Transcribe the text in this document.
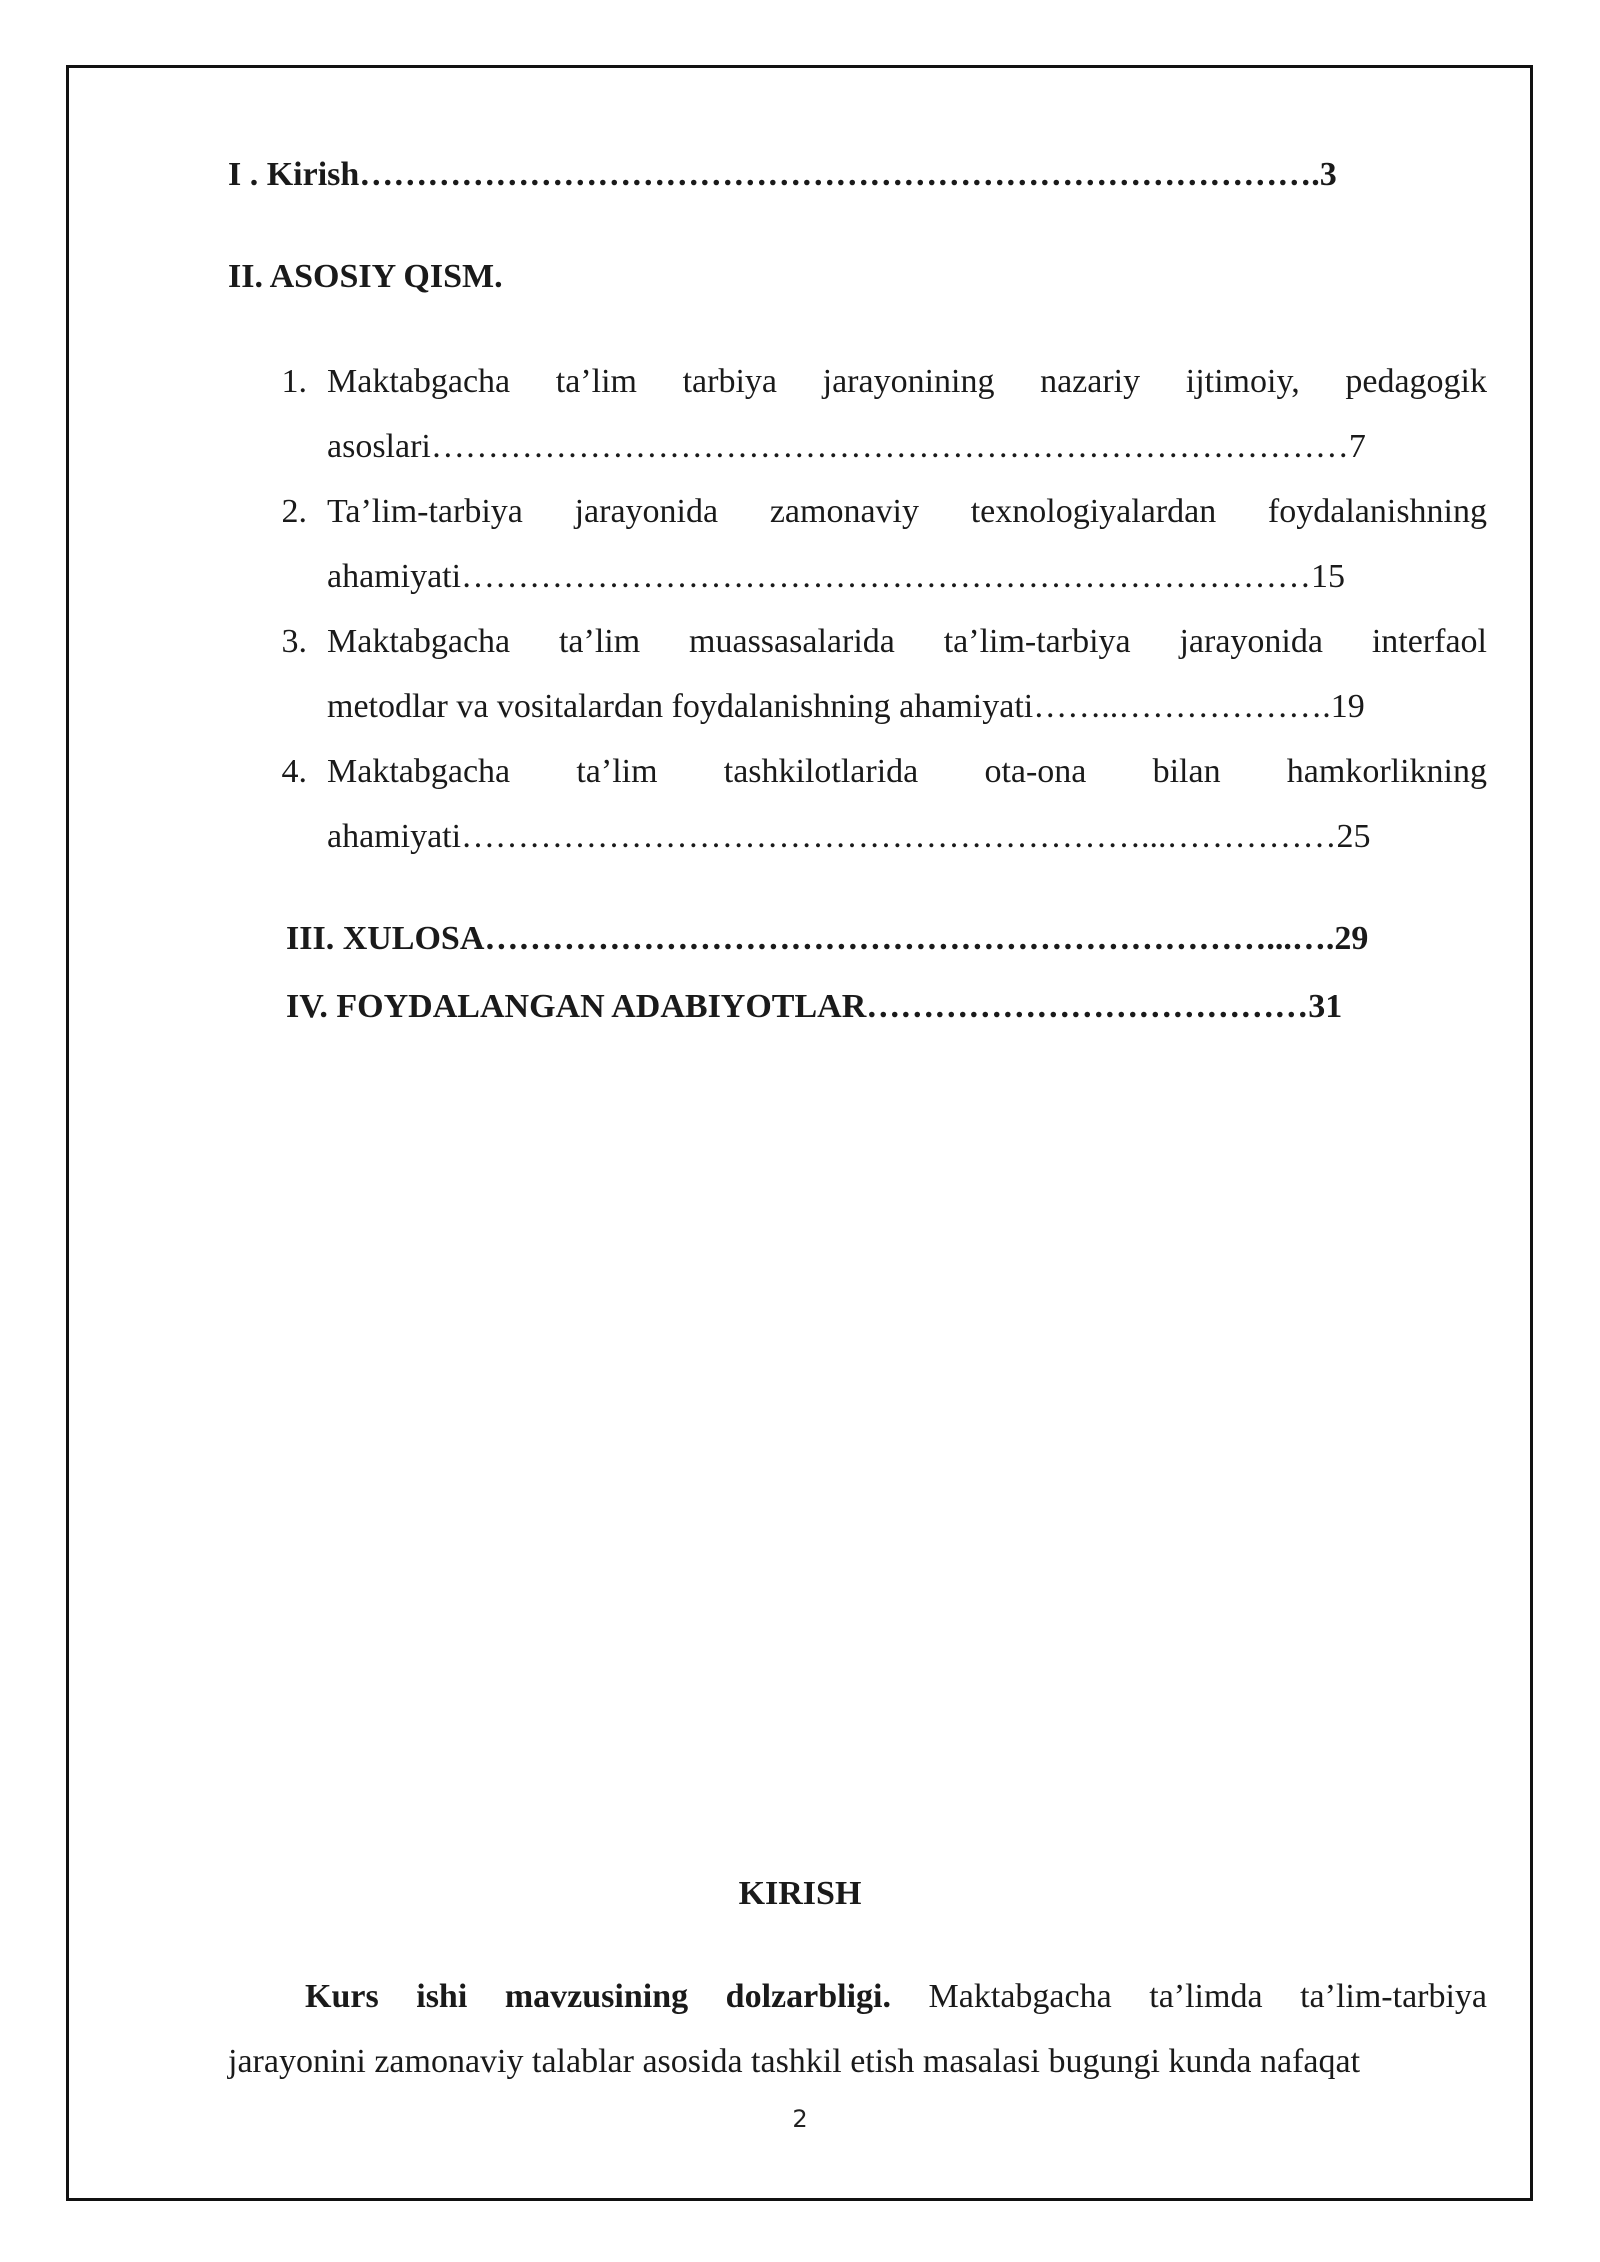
I . Kirish………………………………………………………………………….3
II. ASOSIY QISM.
1. Maktabgacha ta’lim tarbiya jarayonining nazariy ijtimoiy, pedagogik
asoslari………………………………………………………………………7
2. Ta’lim-tarbiya jarayonida zamonaviy texnologiyalardan foydalanishning
ahamiyati…………………………………………………………………15
3. Maktabgacha ta’lim muassasalarida ta’lim-tarbiya jarayonida interfaol
metodlar va vositalardan foydalanishning ahamiyati……..……………….19
4. Maktabgacha ta’lim tashkilotlarida ota-ona bilan hamkorlikning
ahamiyati……………………………………………………...……………25
III. XULOSA……………………………………………………………...….29
IV. FOYDALANGAN ADABIYOTLAR…………………………………31
KIRISH
Kurs ishi mavzusining dolzarbligi. Maktabgacha ta’limda ta’lim-tarbiya
jarayonini zamonaviy talablar asosida tashkil etish masalasi bugungi kunda nafaqat
2
